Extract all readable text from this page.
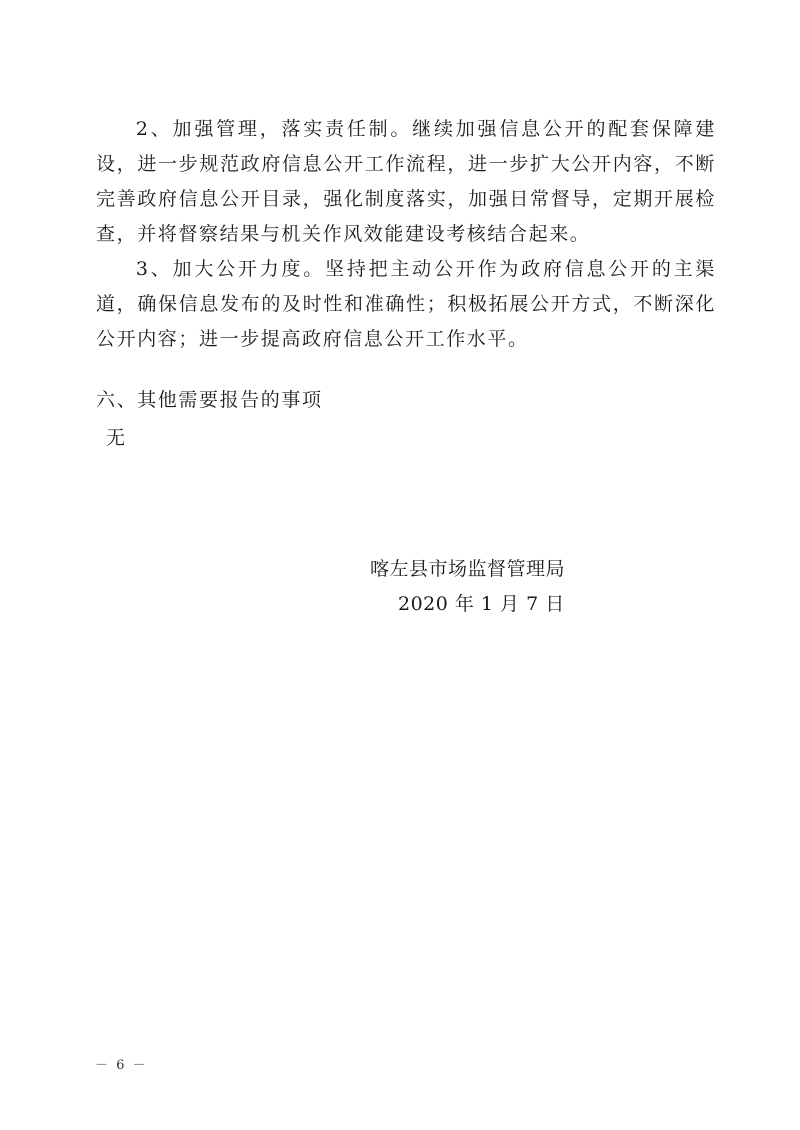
2、加强管理，落实责任制。继续加强信息公开的配套保障建设，进一步规范政府信息公开工作流程，进一步扩大公开内容，不断完善政府信息公开目录，强化制度落实，加强日常督导，定期开展检查，并将督察结果与机关作风效能建设考核结合起来。

3、加大公开力度。坚持把主动公开作为政府信息公开的主渠道，确保信息发布的及时性和准确性；积极拓展公开方式，不断深化公开内容；进一步提高政府信息公开工作水平。

六、其他需要报告的事项

无

喀左县市场监督管理局
2020 年 1 月 7 日
－ 6 －
